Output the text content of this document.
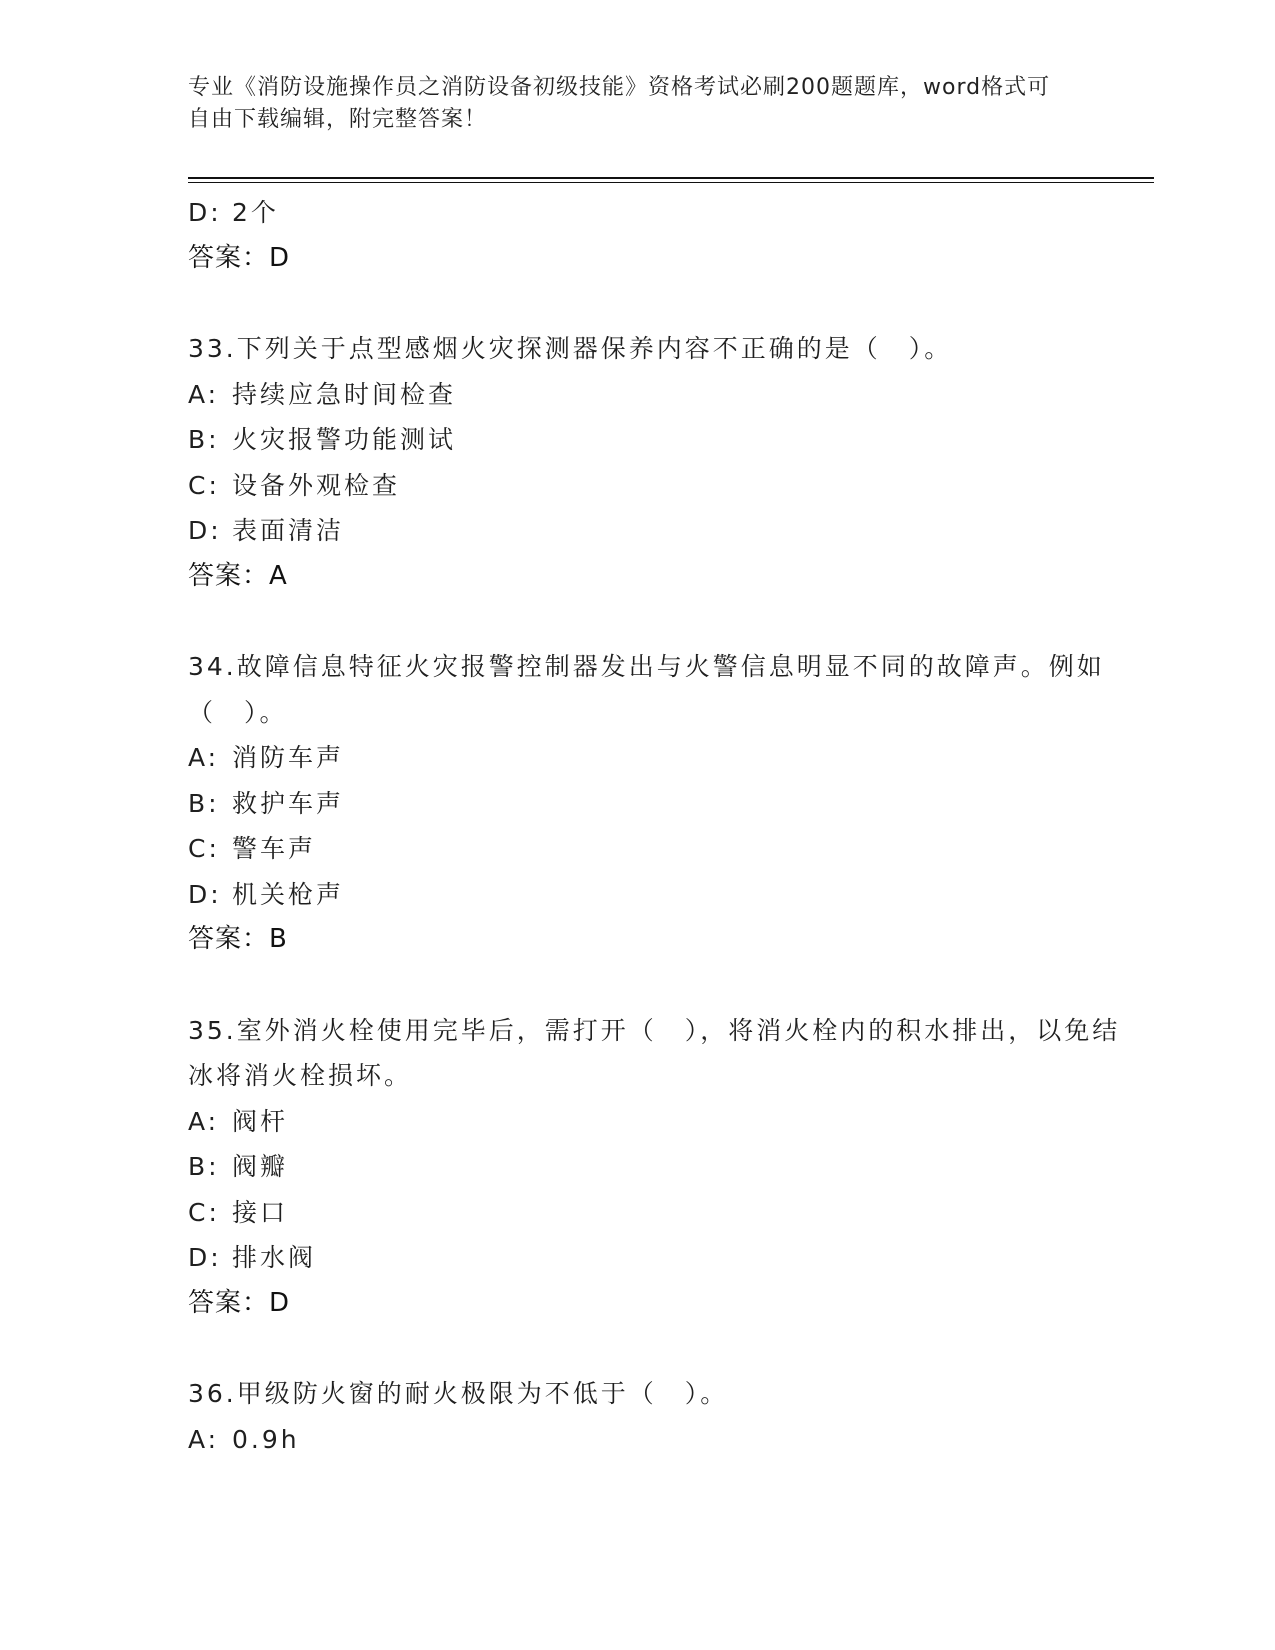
专业《消防设施操作员之消防设备初级技能》资格考试必刷200题题库，word格式可自由下载编辑，附完整答案！
D: 2个
答案：D
33.下列关于点型感烟火灾探测器保养内容不正确的是（　）。
A: 持续应急时间检查
B: 火灾报警功能测试
C: 设备外观检查
D: 表面清洁
答案：A
34.故障信息特征火灾报警控制器发出与火警信息明显不同的故障声。例如（　）。
A: 消防车声
B: 救护车声
C: 警车声
D: 机关枪声
答案：B
35.室外消火栓使用完毕后，需打开（　），将消火栓内的积水排出，以免结冰将消火栓损坏。
A: 阀杆
B: 阀瓣
C: 接口
D: 排水阀
答案：D
36.甲级防火窗的耐火极限为不低于（　）。
A: 0.9h
